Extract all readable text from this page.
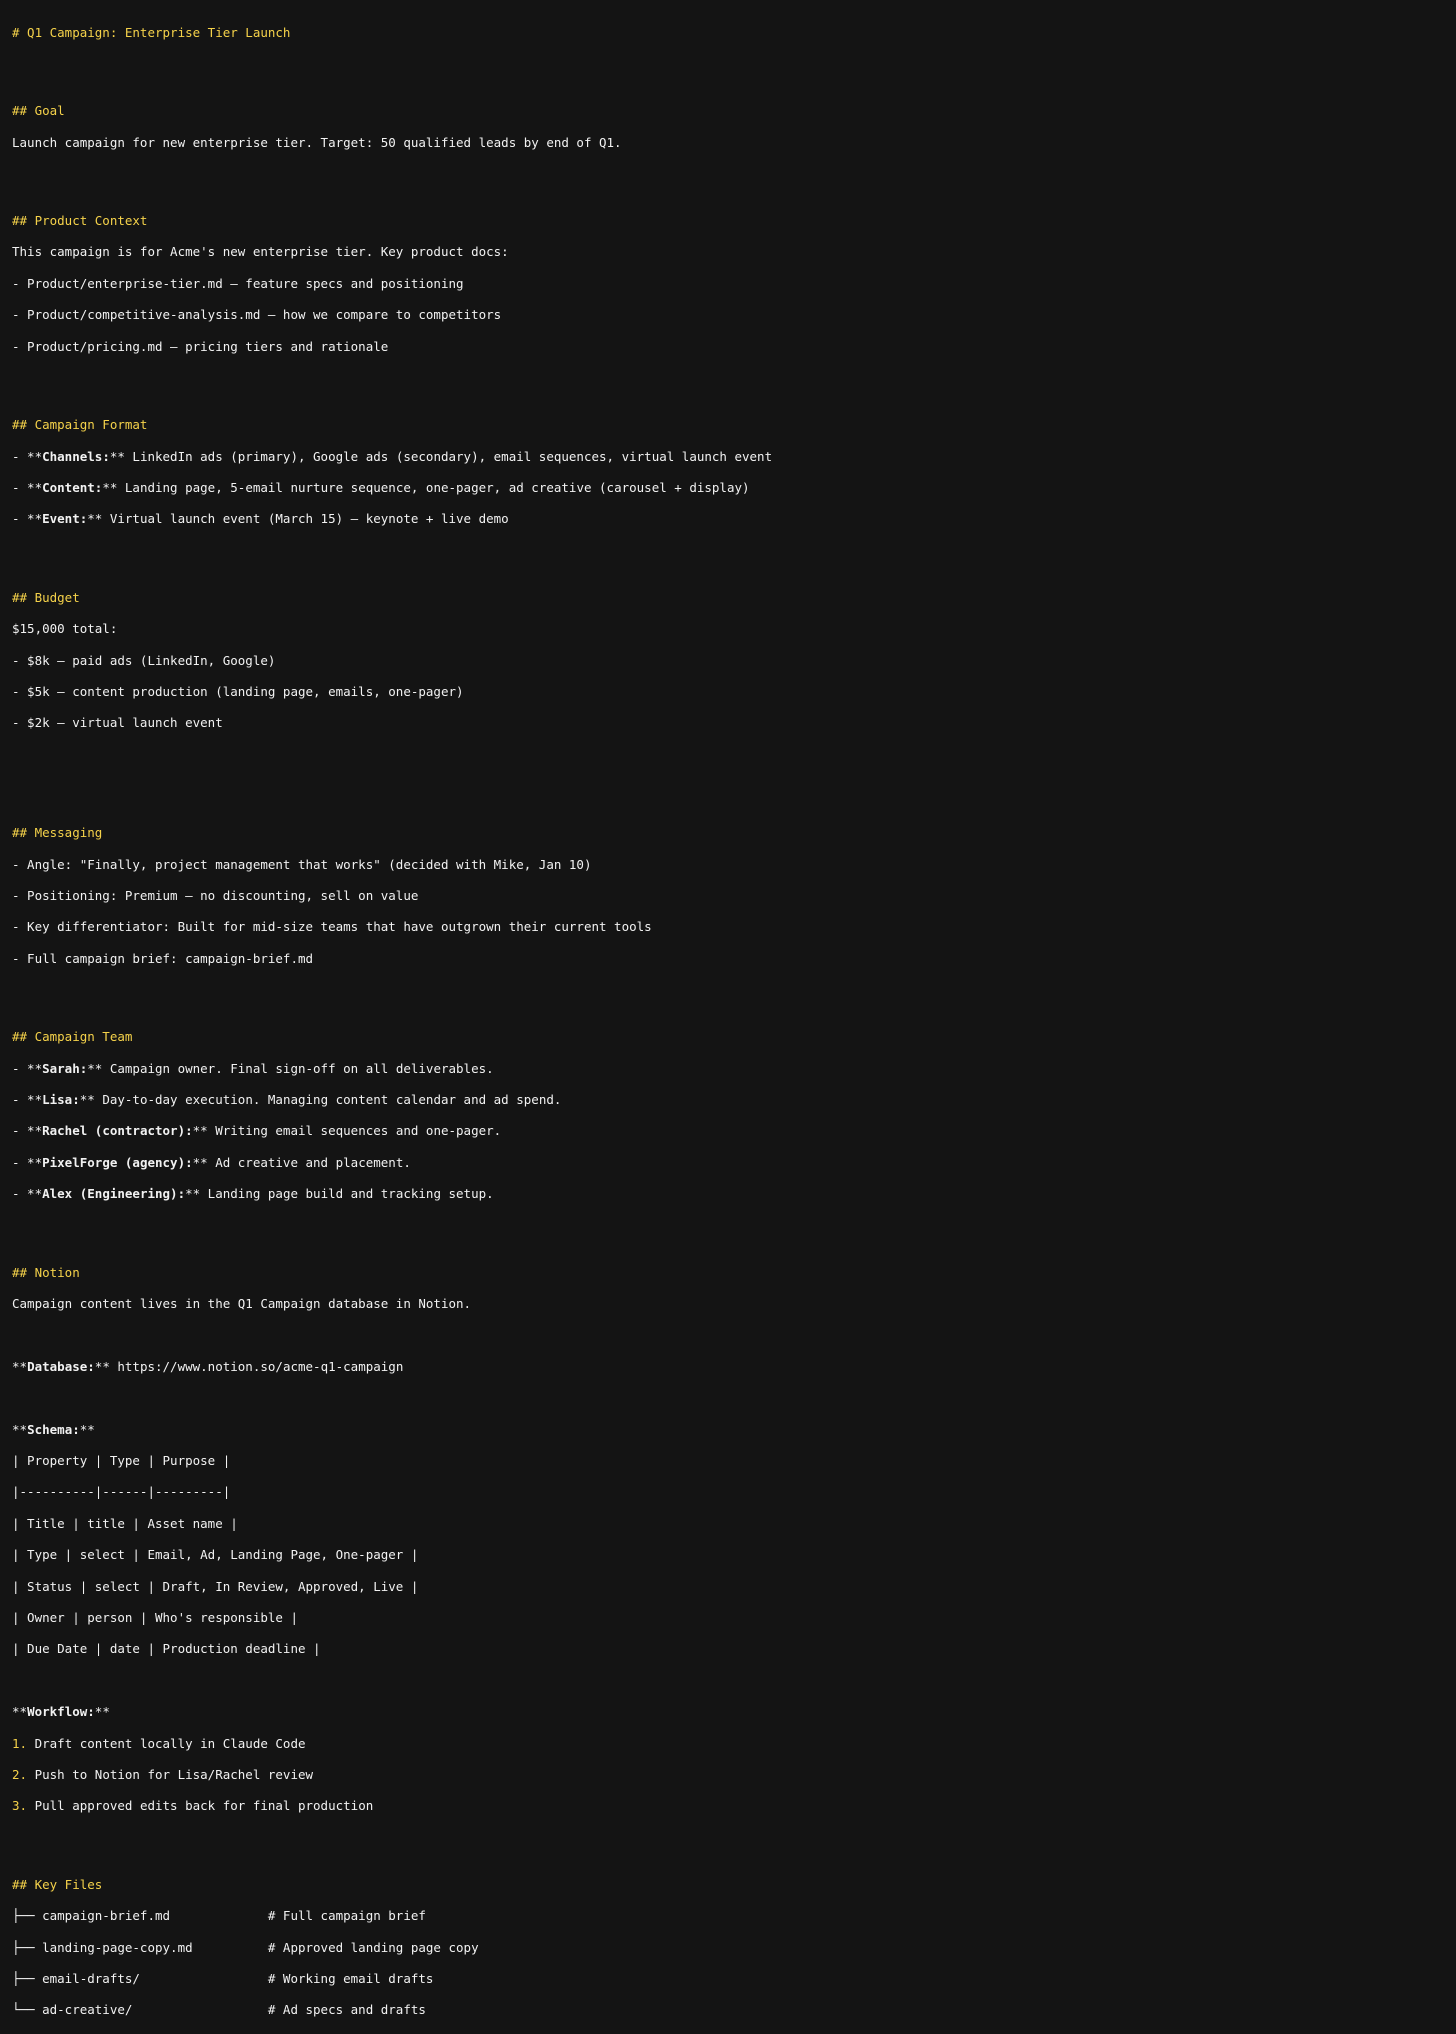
# Q1 Campaign: Enterprise Tier Launch

## Goal

Launch campaign for new enterprise tier. Target: 50 qualified leads by end of Q1.

## Product Context

This campaign is for Acme's new enterprise tier. Key product docs:

- Product/enterprise-tier.md – feature specs and positioning

- Product/competitive-analysis.md – how we compare to competitors

- Product/pricing.md – pricing tiers and rationale

## Campaign Format

- **Channels:** LinkedIn ads (primary), Google ads (secondary), email sequences, virtual launch event

- **Content:** Landing page, 5-email nurture sequence, one-pager, ad creative (carousel + display)

- **Event:** Virtual launch event (March 15) – keynote + live demo

## Budget

$15,000 total:

- $8k – paid ads (LinkedIn, Google)

- $5k – content production (landing page, emails, one-pager)

- $2k – virtual launch event

## Messaging

- Angle: "Finally, project management that works" (decided with Mike, Jan 10)

- Positioning: Premium – no discounting, sell on value

- Key differentiator: Built for mid-size teams that have outgrown their current tools

- Full campaign brief: campaign-brief.md

## Campaign Team

- **Sarah:** Campaign owner. Final sign-off on all deliverables.

- **Lisa:** Day-to-day execution. Managing content calendar and ad spend.

- **Rachel (contractor):** Writing email sequences and one-pager.

- **PixelForge (agency):** Ad creative and placement.

- **Alex (Engineering):** Landing page build and tracking setup.

## Notion

Campaign content lives in the Q1 Campaign database in Notion.

**Database:** https://www.notion.so/acme-q1-campaign

**Schema:**

| Property | Type | Purpose |

|----------|------|---------|

| Title | title | Asset name |

| Type | select | Email, Ad, Landing Page, One-pager |

| Status | select | Draft, In Review, Approved, Live |

| Owner | person | Who's responsible |

| Due Date | date | Production deadline |

**Workflow:**

1. Draft content locally in Claude Code

2. Push to Notion for Lisa/Rachel review

3. Pull approved edits back for final production

## Key Files

├── campaign-brief.md             # Full campaign brief

├── landing-page-copy.md          # Approved landing page copy

├── email-drafts/                 # Working email drafts

└── ad-creative/                  # Ad specs and drafts
